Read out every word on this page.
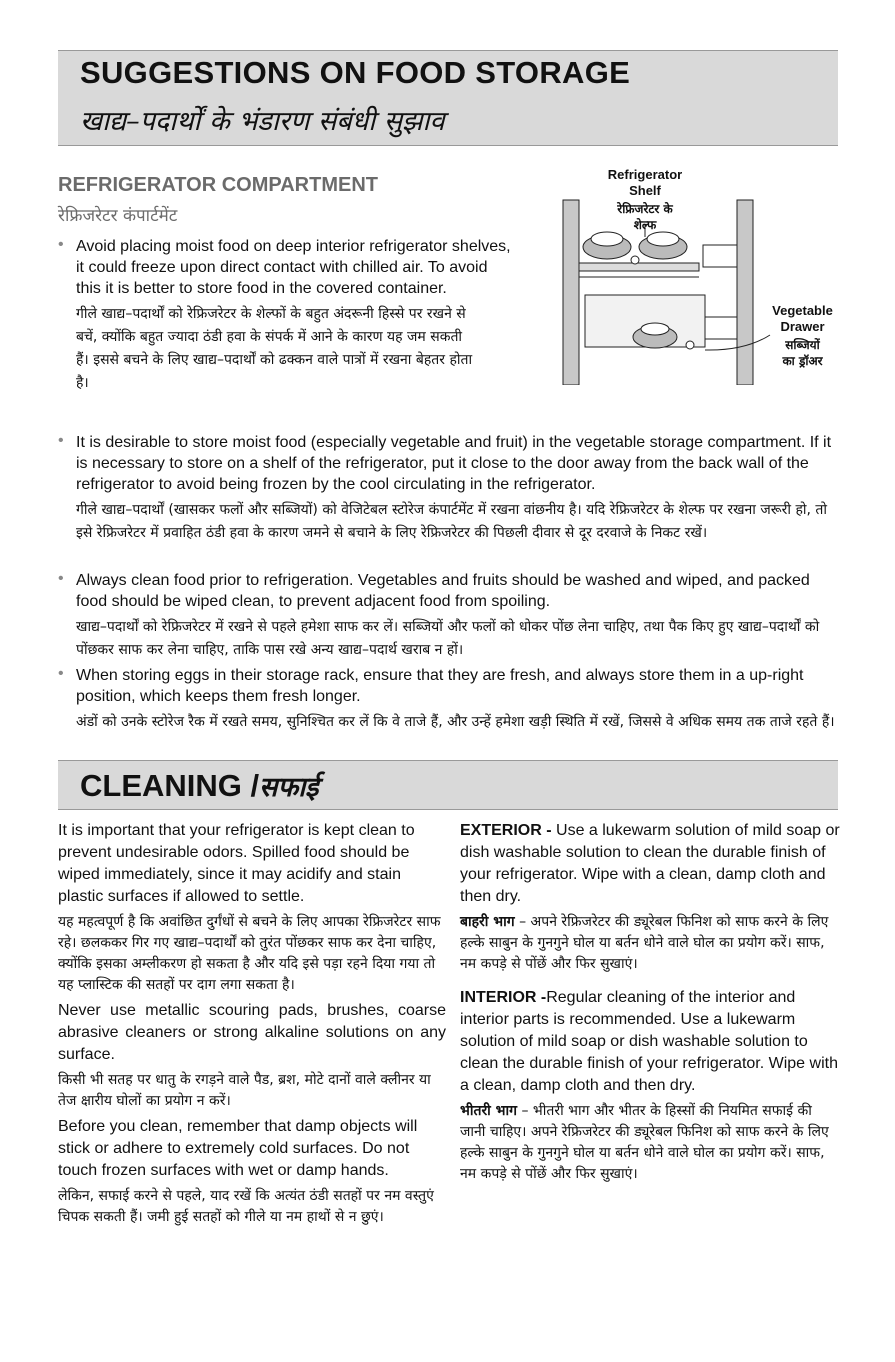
SUGGESTIONS ON FOOD STORAGE
खाद्य–पदार्थों के भंडारण संबंधी सुझाव
REFRIGERATOR COMPARTMENT
रेफ्रिजरेटर कंपार्टमेंट
• Avoid placing moist food on deep interior refrigerator shelves, it could freeze upon direct contact with chilled air. To avoid this it is better to store food in the covered container.
गीले खाद्य–पदार्थों को रेफ्रिजरेटर के शेल्फों के बहुत अंदरूनी हिस्से पर रखने से बचें, क्योंकि बहुत ज्यादा ठंडी हवा के संपर्क में आने के कारण यह जम सकती हैं। इससे बचने के लिए खाद्य–पदार्थों को ढक्कन वाले पात्रों में रखना बेहतर होता है।
• It is desirable to store moist food (especially vegetable and fruit) in the vegetable storage compartment. If it is necessary to store on a shelf of the refrigerator, put it close to the door away from the back wall of the refrigerator to avoid being frozen by the cool circulating in the refrigerator.
गीले खाद्य–पदार्थों (खासकर फलों और सब्जियों) को वेजिटेबल स्टोरेज कंपार्टमेंट में रखना वांछनीय है। यदि रेफ्रिजरेटर के शेल्फ पर रखना जरूरी हो, तो इसे रेफ्रिजरेटर में प्रवाहित ठंडी हवा के कारण जमने से बचाने के लिए रेफ्रिजरेटर की पिछली दीवार से दूर दरवाजे के निकट रखें।
• Always clean food prior to refrigeration. Vegetables and fruits should be washed and wiped, and packed food should be wiped clean, to prevent adjacent food from spoiling.
खाद्य–पदार्थों को रेफ्रिजरेटर में रखने से पहले हमेशा साफ कर लें। सब्जियों और फलों को धोकर पोंछ लेना चाहिए, तथा पैक किए हुए खाद्य–पदार्थों को पोंछकर साफ कर लेना चाहिए, ताकि पास रखे अन्य खाद्य–पदार्थ खराब न हों।
• When storing eggs in their storage rack, ensure that they are fresh, and always store them in a up-right position, which keeps them fresh longer.
अंडों को उनके स्टोरेज रैक में रखते समय, सुनिश्चित कर लें कि वे ताजे हैं, और उन्हें हमेशा खड़ी स्थिति में रखें, जिससे वे अधिक समय तक ताजे रहते हैं।
Refrigerator
Shelf
रेफ्रिजरेटर के
शेल्फ
Vegetable
Drawer
सब्जियों
का ड्रॉअर
CLEANING /सफाई
It is important that your refrigerator is kept clean to prevent undesirable odors. Spilled food should be wiped immediately, since it may acidify and stain plastic surfaces if allowed to settle.
यह महत्वपूर्ण है कि अवांछित दुर्गंधों से बचने के लिए आपका रेफ्रिजरेटर साफ रहे। छलककर गिर गए खाद्य–पदार्थों को तुरंत पोंछकर साफ कर देना चाहिए, क्योंकि इसका अम्लीकरण हो सकता है और यदि इसे पड़ा रहने दिया गया तो यह प्लास्टिक की सतहों पर दाग लगा सकता है।
Never use metallic scouring pads, brushes, coarse abrasive cleaners or strong alkaline solutions on any surface.
किसी भी सतह पर धातु के रगड़ने वाले पैड, ब्रश, मोटे दानों वाले क्लीनर या तेज क्षारीय घोलों का प्रयोग न करें।
Before you clean, remember that damp objects will stick or adhere to extremely cold surfaces. Do not touch frozen surfaces with wet or damp hands.
लेकिन, सफाई करने से पहले, याद रखें कि अत्यंत ठंडी सतहों पर नम वस्तुएं चिपक सकती हैं। जमी हुई सतहों को गीले या नम हाथों से न छुएं।
EXTERIOR - Use a lukewarm solution of mild soap or dish washable solution to clean the durable finish of your refrigerator. Wipe with a clean, damp cloth and then dry.
बाहरी भाग – अपने रेफ्रिजरेटर की ड्यूरेबल फिनिश को साफ करने के लिए हल्के साबुन के गुनगुने घोल या बर्तन धोने वाले घोल का प्रयोग करें। साफ, नम कपड़े से पोंछें और फिर सुखाएं।
INTERIOR -Regular cleaning of the interior and interior parts is recommended. Use a lukewarm solution of mild soap or dish washable solution to clean the durable finish of your refrigerator. Wipe with a clean, damp cloth and then dry.
भीतरी भाग – भीतरी भाग और भीतर के हिस्सों की नियमित सफाई की जानी चाहिए। अपने रेफ्रिजरेटर की ड्यूरेबल फिनिश को साफ करने के लिए हल्के साबुन के गुनगुने घोल या बर्तन धोने वाले घोल का प्रयोग करें। साफ, नम कपड़े से पोंछें और फिर सुखाएं।
